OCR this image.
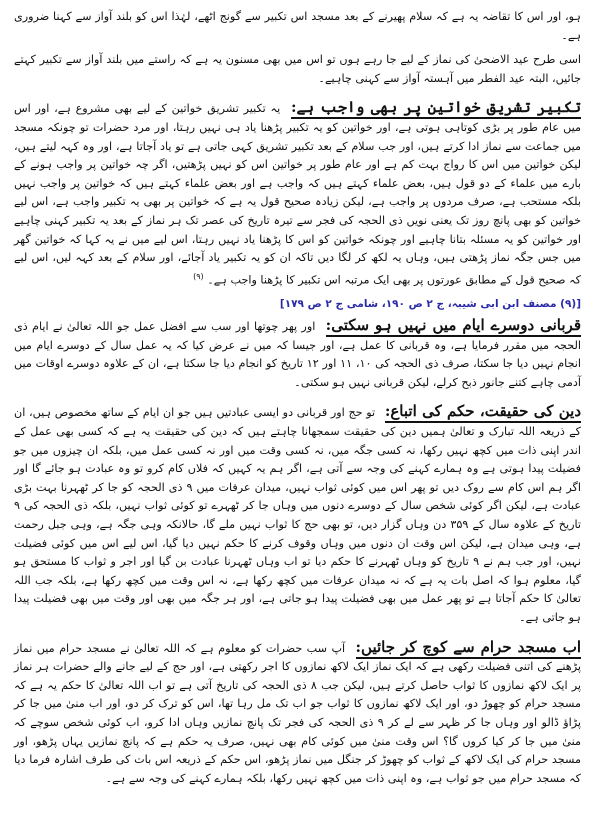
ہو، اور اس کا تقاضہ یہ ہے کہ سلام پھیرنے کے بعد مسجد اس تکبیر سے گونج اٹھے، لہٰذا اس کو بلند آواز سے کہنا ضروری ہے۔

اسی طرح عید الاضحیٰ کی نماز کے لیے جا رہے ہوں تو اس میں بھی مسنون یہ ہے کہ راستے میں بلند آواز سے تکبیر کہتے جائیں، البتہ عید الفطر میں آہستہ آواز سے کہنی چاہیے۔

تکبیر تشریق خواتین پر بھی واجب ہے: یہ تکبیر تشریق خواتین کے لیے بھی مشروع ہے، اور اس میں عام طور پر بڑی کوتاہی ہوتی ہے، اور خواتین کو یہ تکبیر پڑھنا یاد ہی نہیں رہتا، اور مرد حضرات تو چونکہ مسجد میں جماعت سے نماز ادا کرتے ہیں، اور جب سلام کے بعد تکبیر تشریق کہی جاتی ہے تو یاد آجاتا ہے، اور وہ کہہ لیتے ہیں، لیکن خواتین میں اس کا رواج بہت کم ہے اور عام طور پر خواتین اس کو نہیں پڑھتیں، اگر چہ خواتین پر واجب ہونے کے بارے میں علماء کے دو قول ہیں، بعض علماء کہتے ہیں کہ واجب ہے اور بعض علماء کہتے ہیں کہ خواتین پر واجب نہیں بلکہ مستحب ہے، صرف مردوں پر واجب ہے، لیکن زیادہ صحیح قول یہ ہے کہ خواتین پر بھی یہ تکبیر واجب ہے، اس لیے خواتین کو بھی پانچ روز تک یعنی نویں ذی الحجہ کی فجر سے تیرہ تاریخ کی عصر تک ہر نماز کے بعد یہ تکبیر کہنی چاہیے اور خواتین کو یہ مسئلہ بتانا چاہیے اور چونکہ خواتین کو اس کا پڑھنا یاد نہیں رہتا، اس لیے میں نے یہ کہا کہ خواتین گھر میں جس جگہ نماز پڑھتی ہیں، وہاں یہ لکھ کر لگا دیں تاکہ ان کو یہ تکبیر یاد آجائے، اور سلام کے بعد کہہ لیں، اس لیے کہ صحیح قول کے مطابق عورتوں پر بھی ایک مرتبہ اس تکبیر کا پڑھنا واجب ہے۔ $^{(۹)}$

[(۹) مصنف ابن ابی شیبہ، ج ۲ ص ۱۹۰، شامی ج ۲ ص ۱۷۹]

قربانی دوسرے ایام میں نہیں ہو سکتی: اور پھر چوتھا اور سب سے افضل عمل جو اللہ تعالیٰ نے ایام ذی الحجہ میں مقرر فرمایا ہے، وہ قربانی کا عمل ہے، اور جیسا کہ میں نے عرض کیا کہ یہ عمل سال کے دوسرے ایام میں انجام نہیں دیا جا سکتا، صرف ذی الحجہ کی ۱۰، ۱۱ اور ۱۲ تاریخ کو انجام دیا جا سکتا ہے، ان کے علاوہ دوسرے اوقات میں آدمی چاہے کتنے جانور ذبح کرلے، لیکن قربانی نہیں ہو سکتی۔

دین کی حقیقت، حکم کی اتباع: تو حج اور قربانی دو ایسی عبادتیں ہیں جو ان ایام کے ساتھ مخصوص ہیں، ان کے ذریعہ اللہ تبارک و تعالیٰ ہمیں دین کی حقیقت سمجھانا چاہتے ہیں کہ دین کی حقیقت یہ ہے کہ کسی بھی عمل کے اندر اپنی ذات میں کچھ نہیں رکھا، نہ کسی جگہ میں، نہ کسی وقت میں اور نہ کسی عمل میں، بلکہ ان چیزوں میں جو فضیلت پیدا ہوتی ہے وہ ہمارے کہنے کی وجہ سے آتی ہے، اگر ہم یہ کہیں کہ فلاں کام کرو تو وہ عبادت ہو جائے گا اور اگر ہم اس کام سے روک دیں تو پھر اس میں کوئی ثواب نہیں، میدان عرفات میں ۹ ذی الحجہ کو جا کر ٹھہرنا بہت بڑی عبادت ہے، لیکن اگر کوئی شخص سال کے دوسرے دنوں میں وہاں جا کر ٹھہرے تو کوئی ثواب نہیں، بلکہ ذی الحجہ کی ۹ تاریخ کے علاوہ سال کے ۳۵۹ دن وہاں گزار دیں، تو بھی حج کا ثواب نہیں ملے گا، حالانکہ وہی جگہ ہے، وہی جبل رحمت ہے، وہی میدان ہے، لیکن اس وقت ان دنوں میں وہاں وقوف کرنے کا حکم نہیں دیا گیا، اس لیے اس میں کوئی فضیلت نہیں، اور جب ہم نے ۹ تاریخ کو وہاں ٹھہرنے کا حکم دیا تو اب وہاں ٹھہرنا عبادت بن گیا اور اجر و ثواب کا مستحق ہو گیا، معلوم ہوا کہ اصل بات یہ ہے کہ نہ میدان عرفات میں کچھ رکھا ہے، نہ اس وقت میں کچھ رکھا ہے، بلکہ جب اللہ تعالیٰ کا حکم آجاتا ہے تو پھر عمل میں بھی فضیلت پیدا ہو جاتی ہے، اور ہر جگہ میں بھی اور وقت میں بھی فضیلت پیدا ہو جاتی ہے۔

اب مسجد حرام سے کوچ کر جائیں: آپ سب حضرات کو معلوم ہے کہ اللہ تعالیٰ نے مسجد حرام میں نماز پڑھنے کی اتنی فضیلت رکھی ہے کہ ایک نماز ایک لاکھ نمازوں کا اجر رکھتی ہے، اور حج کے لیے جانے والے حضرات ہر نماز پر ایک لاکھ نمازوں کا ثواب حاصل کرتے ہیں، لیکن جب ۸ ذی الحجہ کی تاریخ آتی ہے تو اب اللہ تعالیٰ کا حکم یہ ہے کہ مسجد حرام کو چھوڑ دو، اور ایک لاکھ نمازوں کا ثواب جو اب تک مل رہا تھا، اس کو ترک کر دو، اور اب منیٰ میں جا کر پڑاؤ ڈالو اور وہاں جا کر ظہر سے لے کر ۹ ذی الحجہ کی فجر تک پانچ نمازیں وہاں ادا کرو، اب کوئی شخص سوچے کہ منیٰ میں جا کر کیا کروں گا؟ اس وقت منیٰ میں کوئی کام بھی نہیں، صرف یہ حکم ہے کہ پانچ نمازیں یہاں پڑھو، اور مسجد حرام کی ایک لاکھ کے ثواب کو چھوڑ کر جنگل میں نماز پڑھو، اس حکم کے ذریعہ اس بات کی طرف اشارہ فرما دیا کہ مسجد حرام میں جو ثواب ہے، وہ اپنی ذات میں کچھ نہیں رکھا، بلکہ ہمارے کہنے کی وجہ سے ہے۔
